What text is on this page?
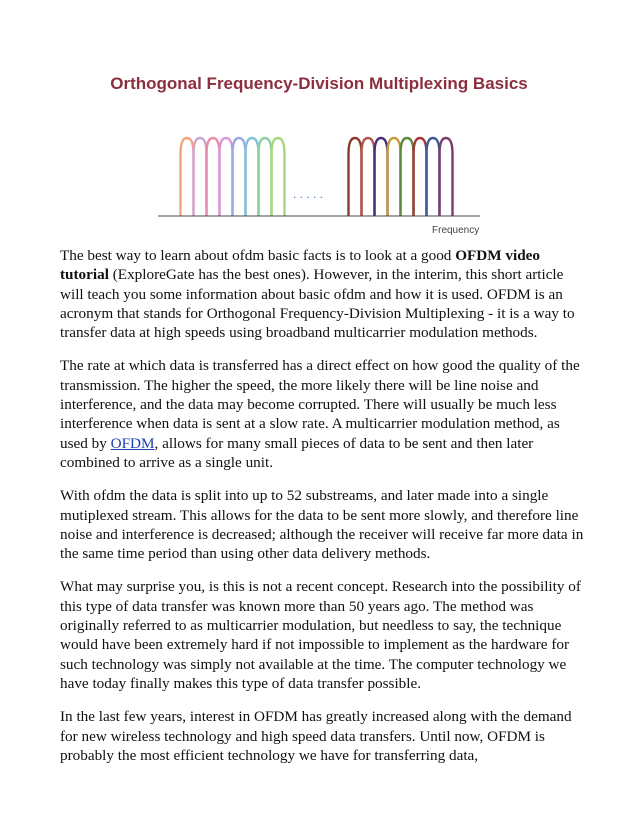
Orthogonal Frequency-Division Multiplexing Basics
. . . . .
Frequency

The best way to learn about ofdm basic facts is to look at a good OFDM video tutorial (ExploreGate has the best ones). However, in the interim, this short article will teach you some information about basic ofdm and how it is used. OFDM is an acronym that stands for Orthogonal Frequency-Division Multiplexing - it is a way to transfer data at high speeds using broadband multicarrier modulation methods.

The rate at which data is transferred has a direct effect on how good the quality of the transmission. The higher the speed, the more likely there will be line noise and interference, and the data may become corrupted. There will usually be much less interference when data is sent at a slow rate. A multicarrier modulation method, as used by OFDM, allows for many small pieces of data to be sent and then later combined to arrive as a single unit.

With ofdm the data is split into up to 52 substreams, and later made into a single mutiplexed stream. This allows for the data to be sent more slowly, and therefore line noise and interference is decreased; although the receiver will receive far more data in the same time period than using other data delivery methods.

What may surprise you, is this is not a recent concept. Research into the possibility of this type of data transfer was known more than 50 years ago. The method was originally referred to as multicarrier modulation, but needless to say, the technique would have been extremely hard if not impossible to implement as the hardware for such technology was simply not available at the time. The computer technology we have today finally makes this type of data transfer possible.

In the last few years, interest in OFDM has greatly increased along with the demand for new wireless technology and high speed data transfers. Until now, OFDM is probably the most efficient technology we have for transferring data,
